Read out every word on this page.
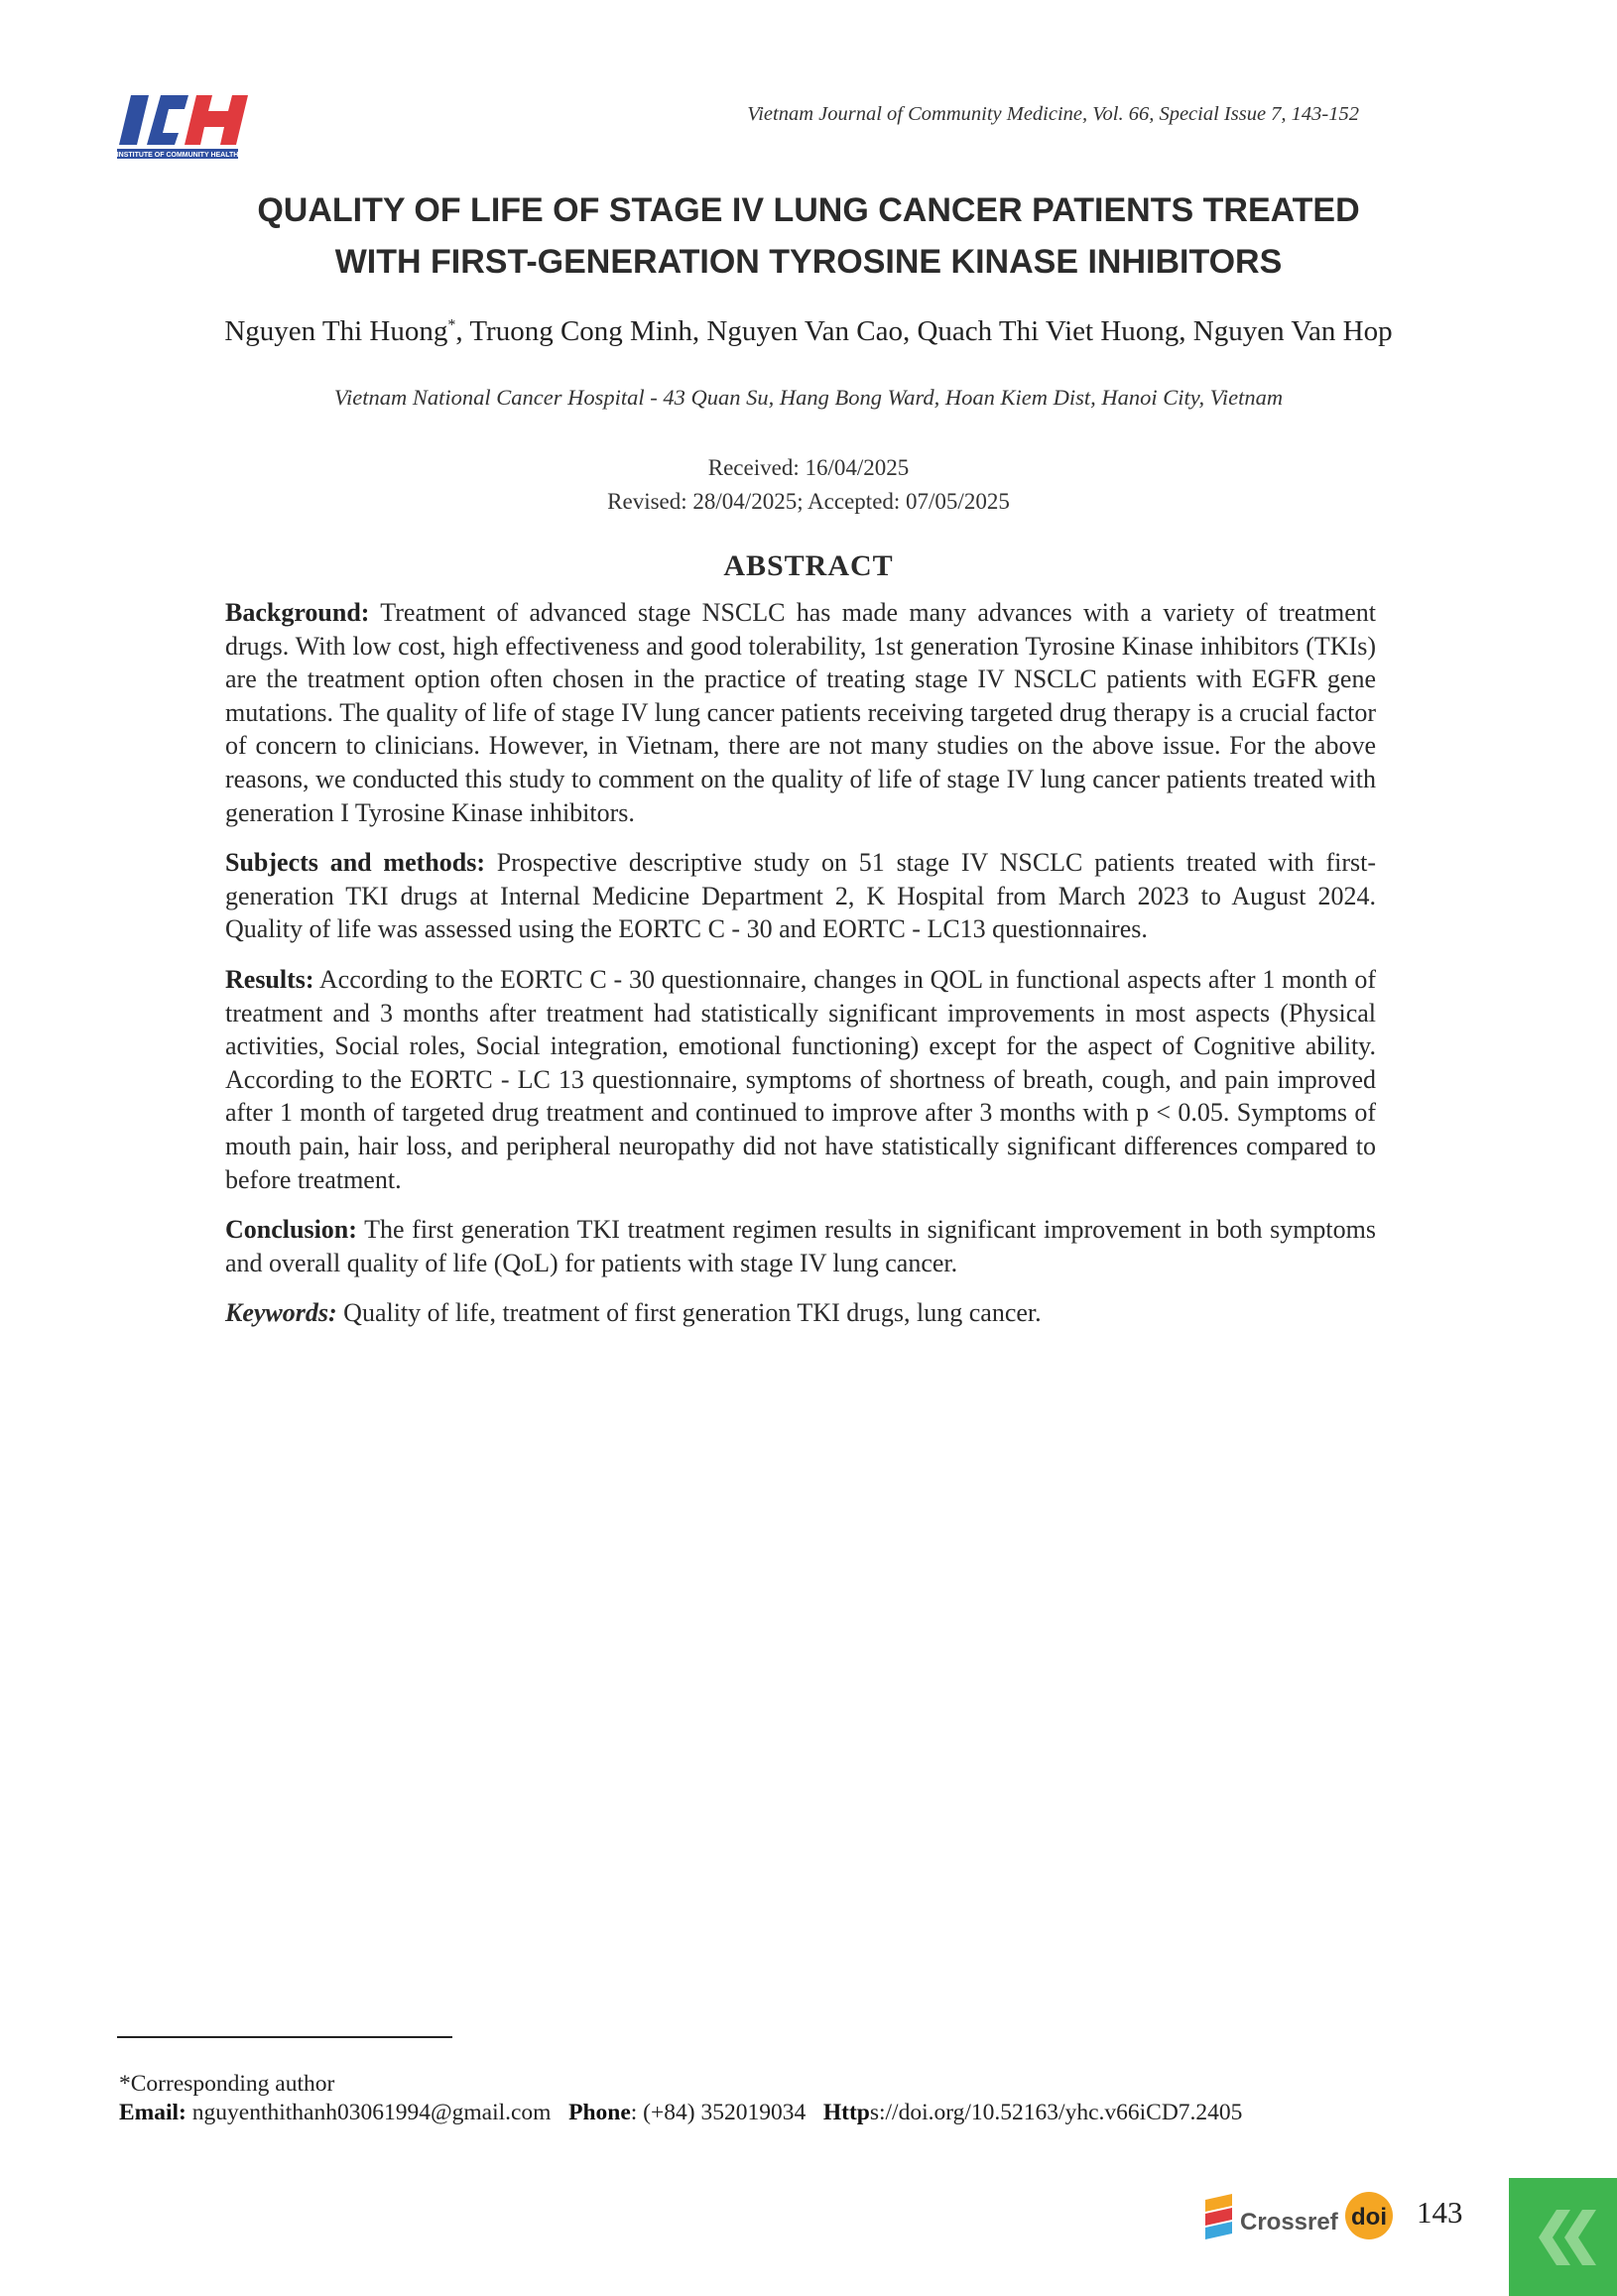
INSTITUTE OF COMMUNITY HEALTH
Vietnam Journal of Community Medicine, Vol. 66, Special Issue 7, 143-152
QUALITY OF LIFE OF STAGE IV LUNG CANCER PATIENTS TREATED
WITH FIRST-GENERATION TYROSINE KINASE INHIBITORS
Nguyen Thi Huong*, Truong Cong Minh, Nguyen Van Cao, Quach Thi Viet Huong, Nguyen Van Hop
Vietnam National Cancer Hospital - 43 Quan Su, Hang Bong Ward, Hoan Kiem Dist, Hanoi City, Vietnam
Received: 16/04/2025
Revised: 28/04/2025; Accepted: 07/05/2025
ABSTRACT

Background: Treatment of advanced stage NSCLC has made many advances with a variety of treatment drugs. With low cost, high effectiveness and good tolerability, 1st generation Tyrosine Kinase inhibitors (TKIs) are the treatment option often chosen in the practice of treating stage IV NSCLC patients with EGFR gene mutations. The quality of life of stage IV lung cancer patients receiving targeted drug therapy is a crucial factor of concern to clinicians. However, in Vietnam, there are not many studies on the above issue. For the above reasons, we conducted this study to comment on the quality of life of stage IV lung cancer patients treated with generation I Tyrosine Kinase inhibitors.

Subjects and methods: Prospective descriptive study on 51 stage IV NSCLC patients treated with first-generation TKI drugs at Internal Medicine Department 2, K Hospital from March 2023 to August 2024. Quality of life was assessed using the EORTC C - 30 and EORTC - LC13 questionnaires.

Results: According to the EORTC C - 30 questionnaire, changes in QOL in functional aspects after 1 month of treatment and 3 months after treatment had statistically significant improvements in most aspects (Physical activities, Social roles, Social integration, emotional functioning) except for the aspect of Cognitive ability. According to the EORTC - LC 13 questionnaire, symptoms of shortness of breath, cough, and pain improved after 1 month of targeted drug treatment and continued to improve after 3 months with p < 0.05. Symptoms of mouth pain, hair loss, and peripheral neuropathy did not have statistically significant differences compared to before treatment.

Conclusion: The first generation TKI treatment regimen results in significant improvement in both symptoms and overall quality of life (QoL) for patients with stage IV lung cancer.

Keywords: Quality of life, treatment of first generation TKI drugs, lung cancer.

*Corresponding author
Email: nguyenthithanh03061994@gmail.com Phone: (+84) 352019034 Https://doi.org/10.52163/yhc.v66iCD7.2405
Crossref doi 143
